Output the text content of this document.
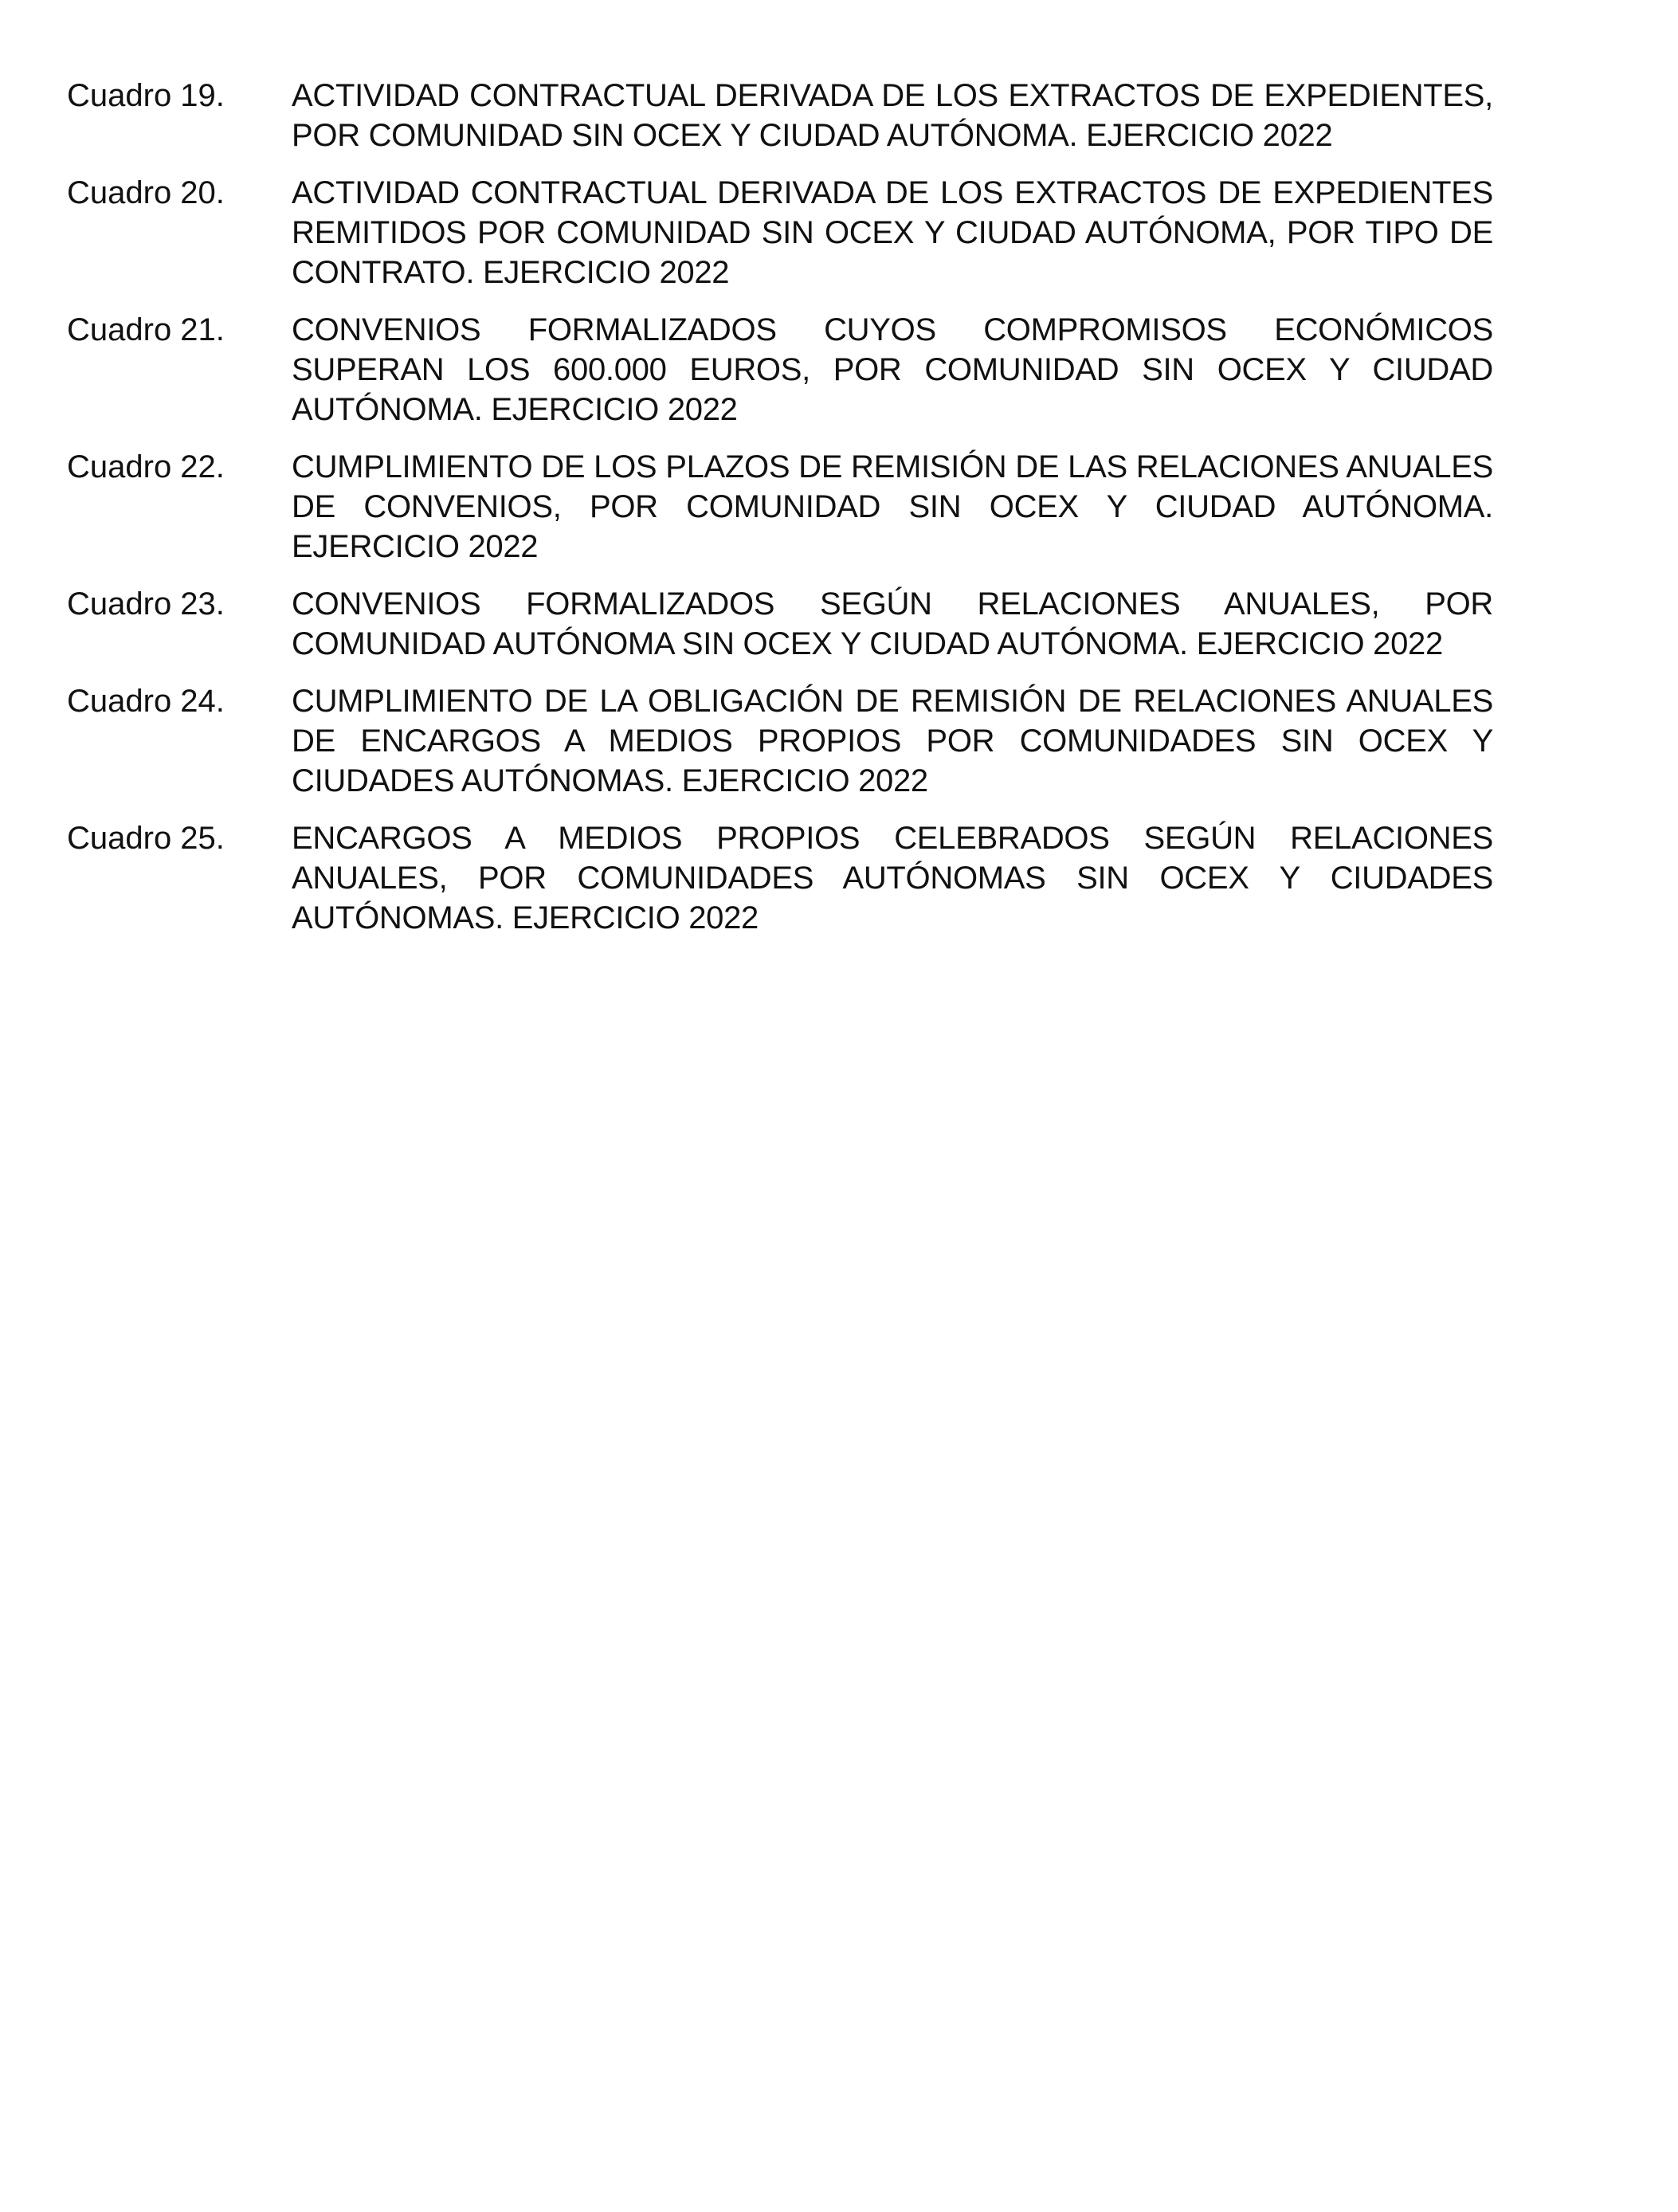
Cuadro 19.	ACTIVIDAD CONTRACTUAL DERIVADA DE LOS EXTRACTOS DE EXPEDIENTES, POR COMUNIDAD SIN OCEX Y CIUDAD AUTÓNOMA. EJERCICIO 2022
Cuadro 20.	ACTIVIDAD CONTRACTUAL DERIVADA DE LOS EXTRACTOS DE EXPEDIENTES REMITIDOS POR COMUNIDAD SIN OCEX Y CIUDAD AUTÓNOMA, POR TIPO DE CONTRATO. EJERCICIO 2022
Cuadro 21.	CONVENIOS FORMALIZADOS CUYOS COMPROMISOS ECONÓMICOS SUPERAN LOS 600.000 EUROS, POR COMUNIDAD SIN OCEX Y CIUDAD AUTÓNOMA. EJERCICIO 2022
Cuadro 22.	CUMPLIMIENTO DE LOS PLAZOS DE REMISIÓN DE LAS RELACIONES ANUALES DE CONVENIOS, POR COMUNIDAD SIN OCEX Y CIUDAD AUTÓNOMA. EJERCICIO 2022
Cuadro 23.	CONVENIOS FORMALIZADOS SEGÚN RELACIONES ANUALES, POR COMUNIDAD AUTÓNOMA SIN OCEX Y CIUDAD AUTÓNOMA. EJERCICIO 2022
Cuadro 24.	CUMPLIMIENTO DE LA OBLIGACIÓN DE REMISIÓN DE RELACIONES ANUALES DE ENCARGOS A MEDIOS PROPIOS POR COMUNIDADES SIN OCEX Y CIUDADES AUTÓNOMAS. EJERCICIO 2022
Cuadro 25.	ENCARGOS A MEDIOS PROPIOS CELEBRADOS SEGÚN RELACIONES ANUALES, POR COMUNIDADES AUTÓNOMAS SIN OCEX Y CIUDADES AUTÓNOMAS. EJERCICIO 2022
